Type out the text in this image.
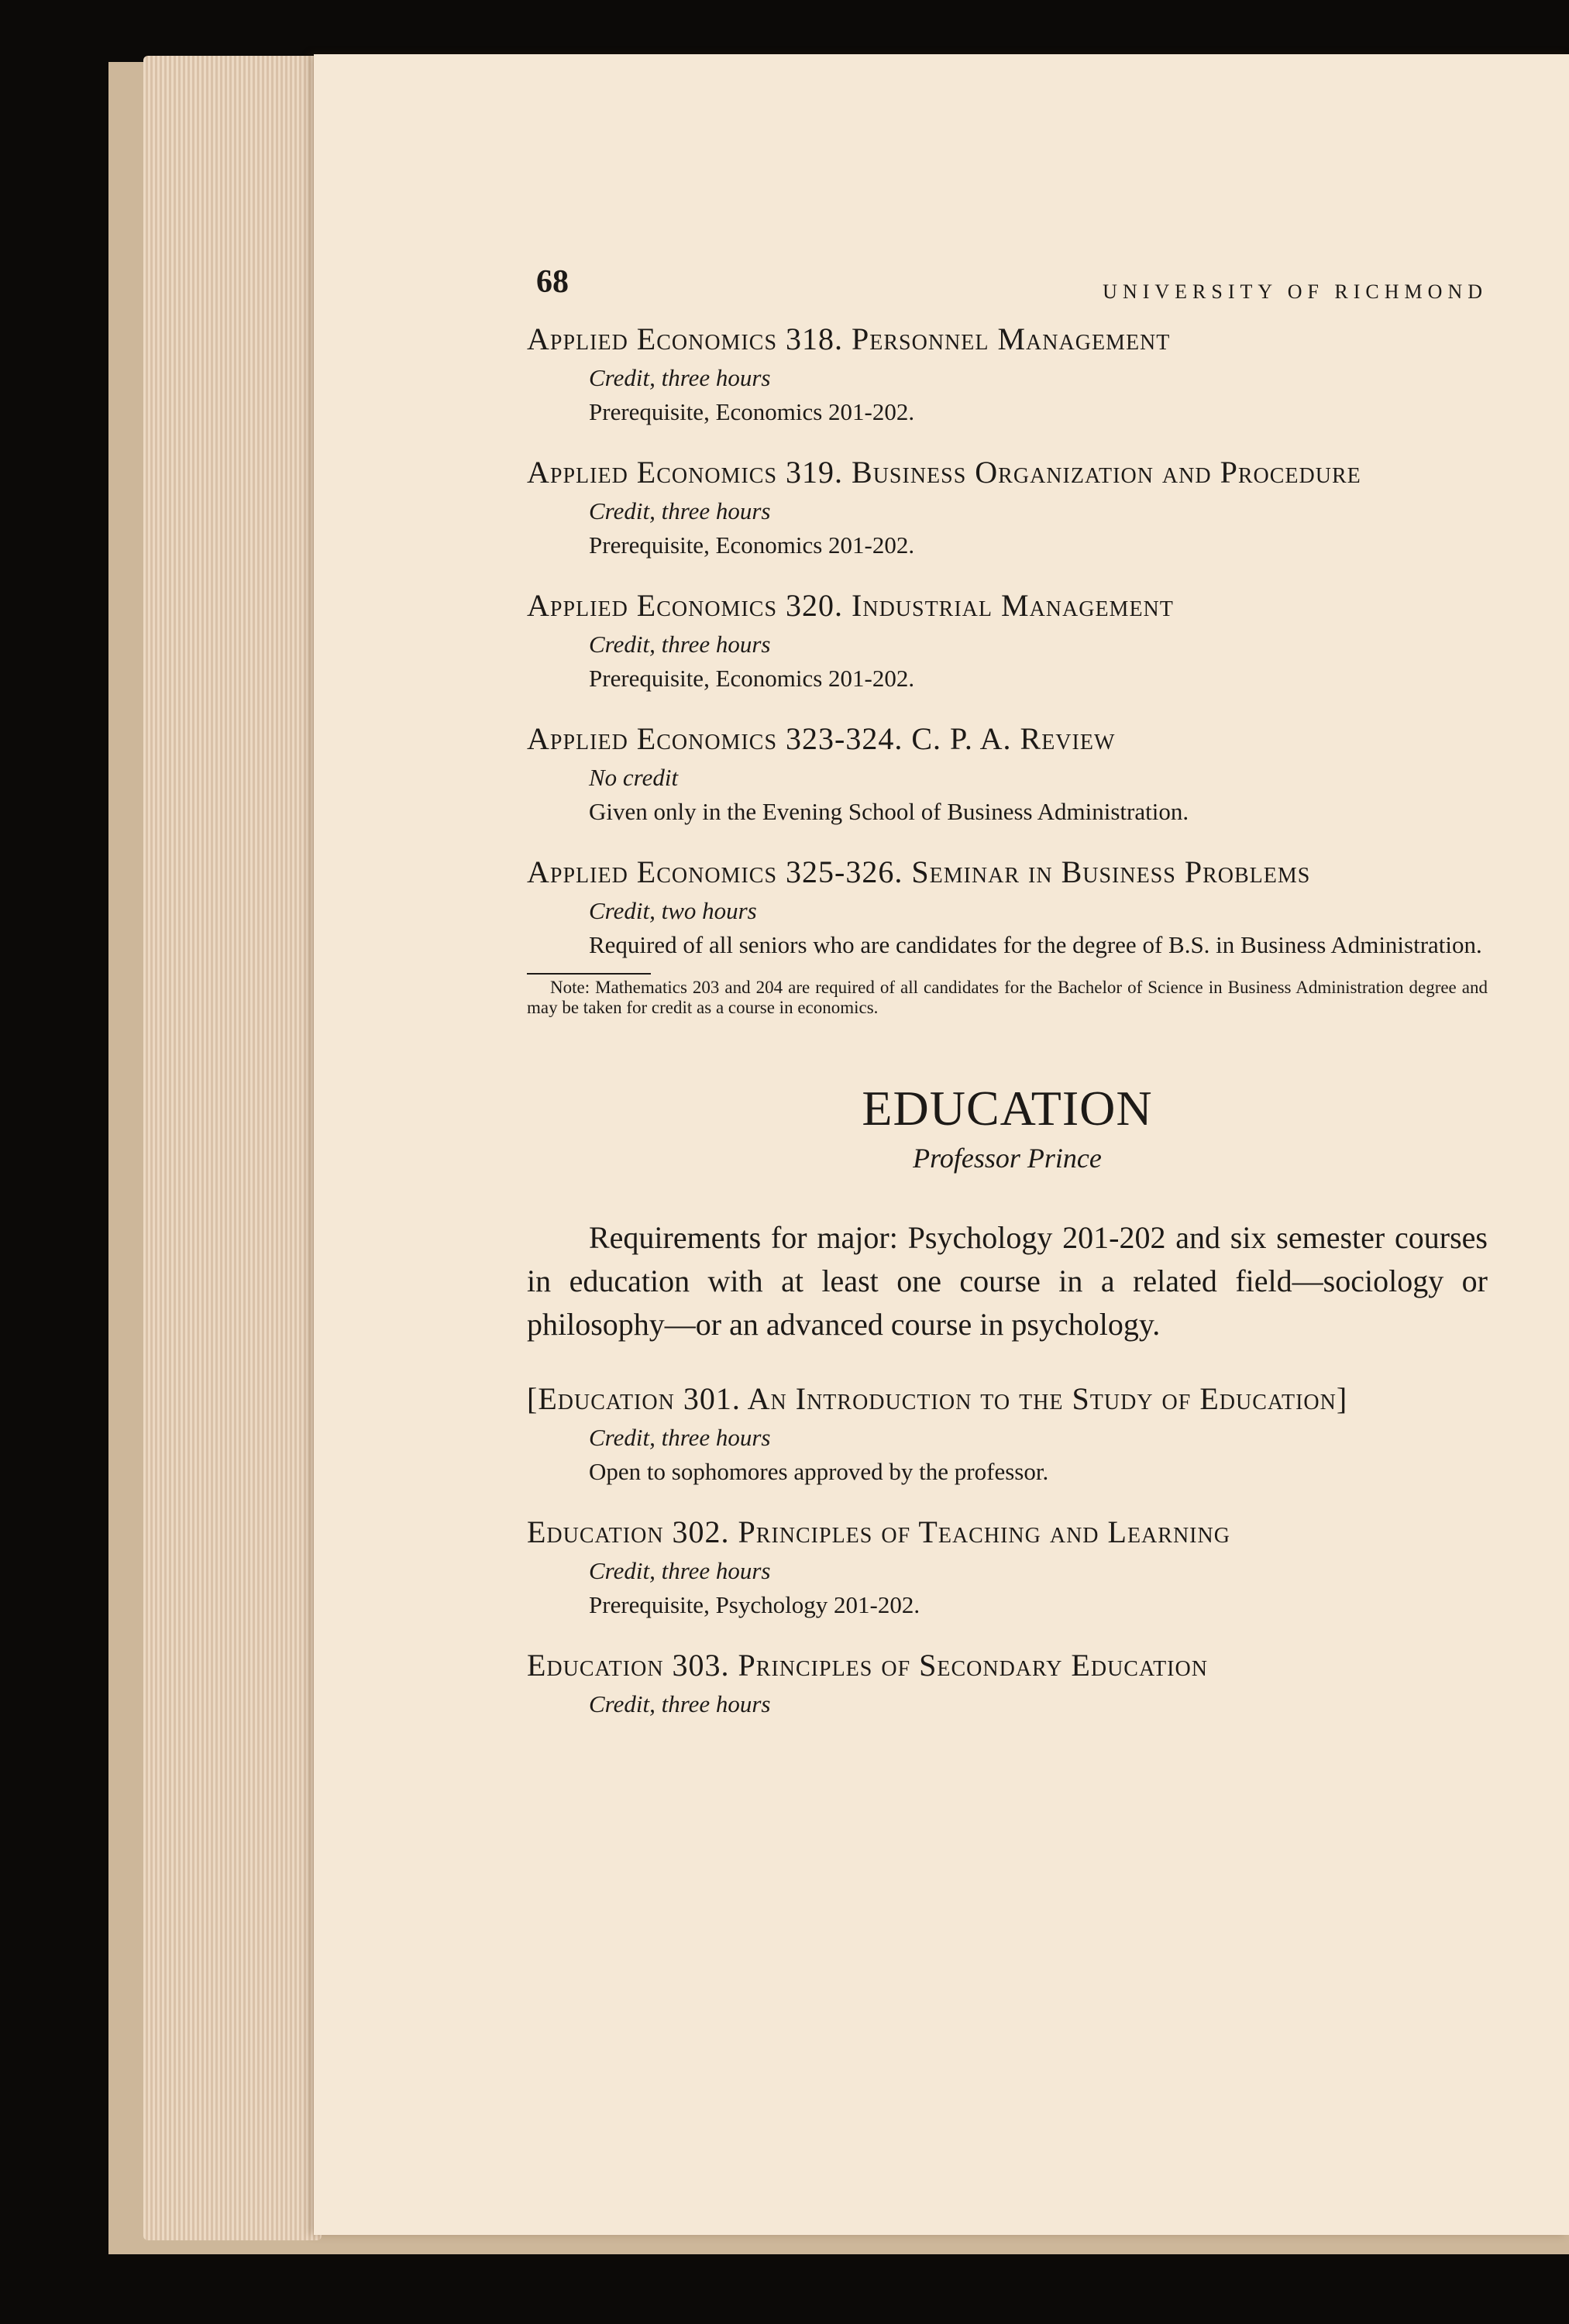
68	UNIVERSITY OF RICHMOND
Applied Economics 318. Personnel Management
Credit, three hours
Prerequisite, Economics 201-202.
Applied Economics 319. Business Organization and Procedure
Credit, three hours
Prerequisite, Economics 201-202.
Applied Economics 320. Industrial Management
Credit, three hours
Prerequisite, Economics 201-202.
Applied Economics 323-324. C. P. A. Review
No credit
Given only in the Evening School of Business Administration.
Applied Economics 325-326. Seminar in Business Problems
Credit, two hours
Required of all seniors who are candidates for the degree of B.S. in Business Administration.
Note: Mathematics 203 and 204 are required of all candidates for the Bachelor of Science in Business Administration degree and may be taken for credit as a course in economics.
EDUCATION
Professor Prince
Requirements for major: Psychology 201-202 and six semester courses in education with at least one course in a related field—sociology or philosophy—or an advanced course in psychology.
[Education 301. An Introduction to the Study of Education]
Credit, three hours
Open to sophomores approved by the professor.
Education 302. Principles of Teaching and Learning
Credit, three hours
Prerequisite, Psychology 201-202.
Education 303. Principles of Secondary Education
Credit, three hours
